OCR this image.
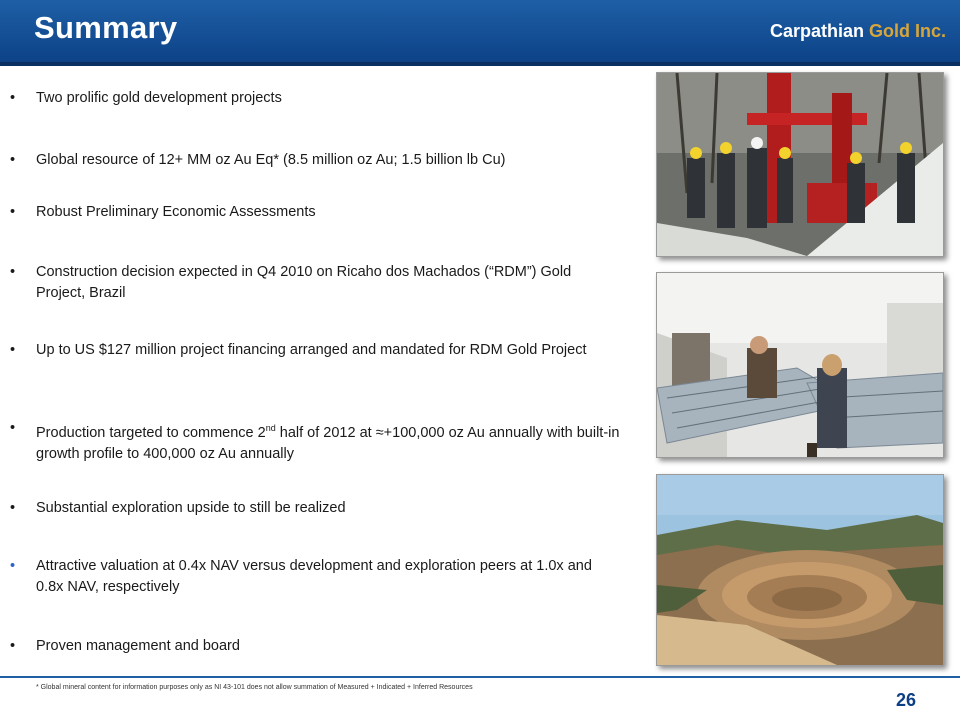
Summary	Carpathian Gold Inc.
•	Two prolific gold development projects
•	Global resource of 12+ MM oz Au Eq* (8.5 million oz Au; 1.5 billion lb Cu)
•	Robust Preliminary Economic Assessments
•	Construction decision expected in Q4 2010 on Ricaho dos Machados (“RDM”) Gold Project, Brazil
•	Up to US $127 million project financing arranged and mandated for RDM Gold Project
•	Production targeted to commence 2nd half of 2012 at ≈+100,000 oz Au annually with built-in growth profile to 400,000 oz Au annually
•	Substantial exploration upside to still be realized
•	Attractive valuation at 0.4x NAV versus development and exploration peers at 1.0x and 0.8x NAV, respectively
•	Proven management and board
* Global mineral content for information purposes only as NI 43-101 does not allow summation of Measured + Indicated + Inferred Resources
26
